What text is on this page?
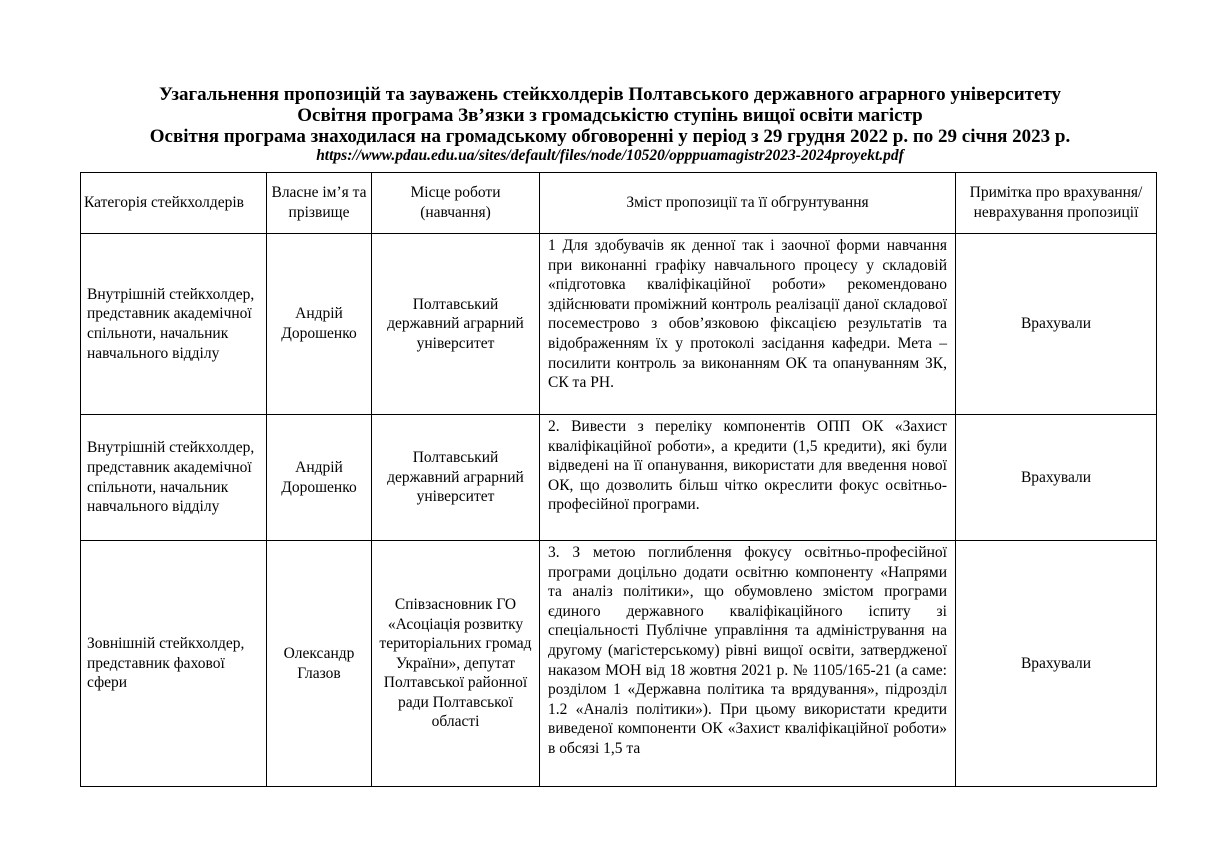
Узагальнення пропозицій та зауважень стейкхолдерів Полтавського державного аграрного університету

Освітня програма Зв’язки з громадськістю ступінь вищої освіти магістр

Освітня програма знаходилася на громадському обговоренні у період з 29 грудня 2022 р. по 29 січня 2023 р.

https://www.pdau.edu.ua/sites/default/files/node/10520/opppuamagistr2023-2024proyekt.pdf
Категорія стейкхолдерів	Власне ім’я та прізвище	Місце роботи (навчання)	Зміст пропозиції та її обгрунтування	Примітка про врахування/неврахування пропозиції
Внутрішній стейкхолдер, представник академічної спільноти, начальник навчального відділу	Андрій Дорошенко	Полтавський державний аграрний університет	1 Для здобувачів як денної так і заочної форми навчання при виконанні графіку навчального процесу у складовій «підготовка кваліфікаційної роботи» рекомендовано здійснювати проміжний контроль реалізації даної складової посеместрово з обов’язковою фіксацією результатів та відображенням їх у протоколі засідання кафедри. Мета – посилити контроль за виконанням ОК та опануванням ЗК, СК та РН.	Врахували
Внутрішній стейкхолдер, представник академічної спільноти, начальник навчального відділу	Андрій Дорошенко	Полтавський державний аграрний університет	2. Вивести з переліку компонентів ОПП ОК «Захист кваліфікаційної роботи», а кредити (1,5 кредити), які були відведені на її опанування, використати для введення нової ОК, що дозволить більш чітко окреслити фокус освітньо-професійної програми.	Врахували
Зовнішній стейкхолдер, представник фахової сфери	Олександр Глазов	Співзасновник ГО «Асоціація розвитку територіальних громад України», депутат Полтавської районної ради Полтавської області	3. З метою поглиблення фокусу освітньо-професійної програми доцільно додати освітню компоненту «Напрями та аналіз політики», що обумовлено змістом програми єдиного державного кваліфікаційного іспиту зі спеціальності Публічне управління та адміністрування на другому (магістерському) рівні вищої освіти, затвердженої наказом МОН від 18 жовтня 2021 р. № 1105/165-21 (а саме: розділом 1 «Державна політика та врядування», підрозділ 1.2 «Аналіз політики»). При цьому використати кредити виведеної компоненти ОК «Захист кваліфікаційної роботи» в обсязі 1,5 та	Врахували
